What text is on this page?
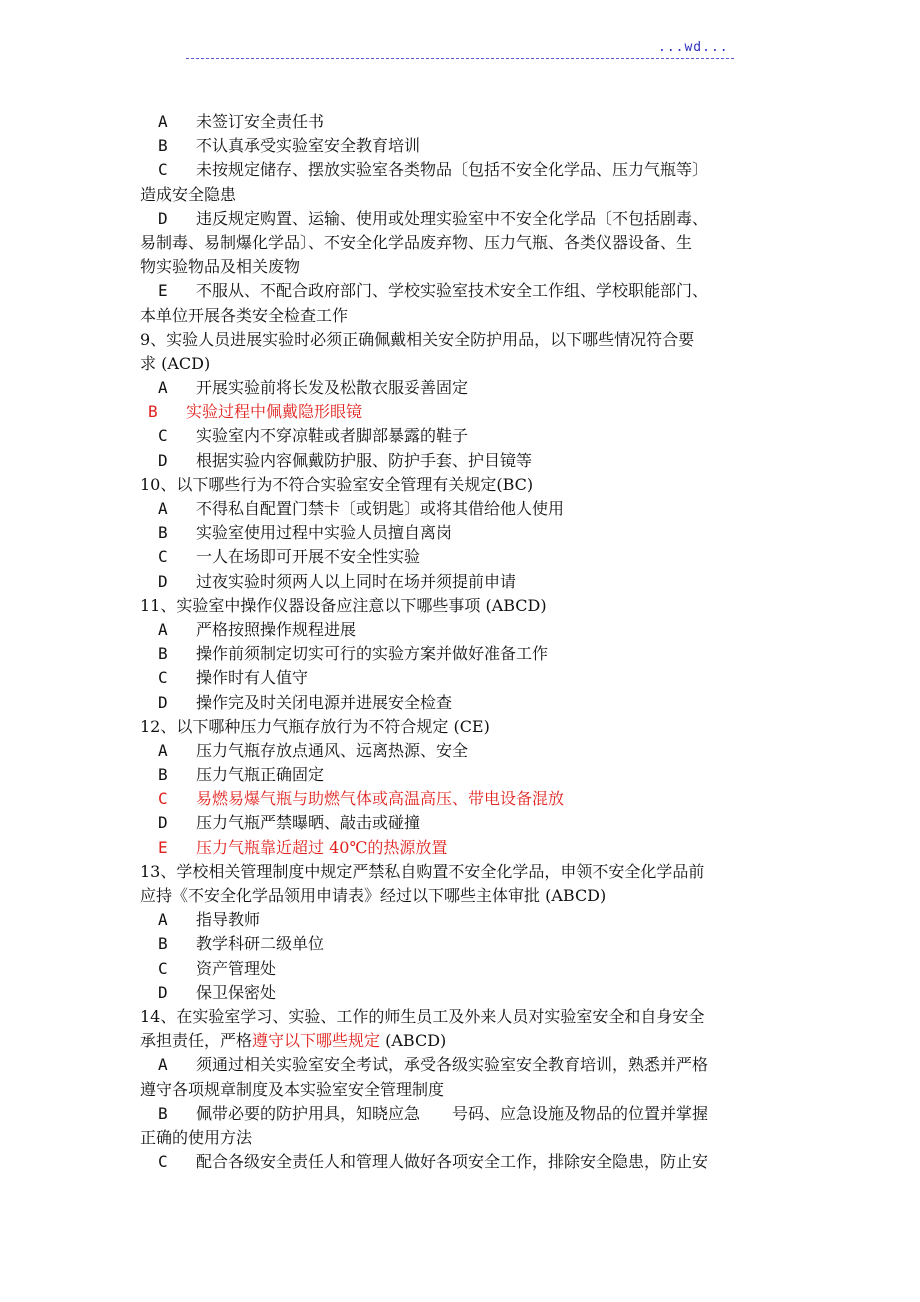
...wd...
A 未签订安全责任书
B 不认真承受实验室安全教育培训
C 未按规定储存、摆放实验室各类物品〔包括不安全化学品、压力气瓶等〕
造成安全隐患
D 违反规定购置、运输、使用或处理实验室中不安全化学品〔不包括剧毒、
易制毒、易制爆化学品〕、不安全化学品废弃物、压力气瓶、各类仪器设备、生
物实验物品及相关废物
E 不服从、不配合政府部门、学校实验室技术安全工作组、学校职能部门、
本单位开展各类安全检查工作
9、实验人员进展实验时必须正确佩戴相关安全防护用品，以下哪些情况符合要
求 (ACD)
A 开展实验前将长发及松散衣服妥善固定
B 实验过程中佩戴隐形眼镜
C 实验室内不穿凉鞋或者脚部暴露的鞋子
D 根据实验内容佩戴防护服、防护手套、护目镜等
10、以下哪些行为不符合实验室安全管理有关规定(BC)
A 不得私自配置门禁卡〔或钥匙〕或将其借给他人使用
B 实验室使用过程中实验人员擅自离岗
C 一人在场即可开展不安全性实验
D 过夜实验时须两人以上同时在场并须提前申请
11、实验室中操作仪器设备应注意以下哪些事项 (ABCD)
A 严格按照操作规程进展
B 操作前须制定切实可行的实验方案并做好准备工作
C 操作时有人值守
D 操作完及时关闭电源并进展安全检查
12、以下哪种压力气瓶存放行为不符合规定 (CE)
A 压力气瓶存放点通风、远离热源、安全
B 压力气瓶正确固定
C 易燃易爆气瓶与助燃气体或高温高压、带电设备混放
D 压力气瓶严禁曝晒、敲击或碰撞
E 压力气瓶靠近超过 40℃的热源放置
13、学校相关管理制度中规定严禁私自购置不安全化学品，申领不安全化学品前
应持《不安全化学品领用申请表》经过以下哪些主体审批 (ABCD)
A 指导教师
B 教学科研二级单位
C 资产管理处
D 保卫保密处
14、在实验室学习、实验、工作的师生员工及外来人员对实验室安全和自身安全
承担责任，严格遵守以下哪些规定 (ABCD)
A 须通过相关实验室安全考试，承受各级实验室安全教育培训，熟悉并严格
遵守各项规章制度及本实验室安全管理制度
B 佩带必要的防护用具，知晓应急　　号码、应急设施及物品的位置并掌握
正确的使用方法
C 配合各级安全责任人和管理人做好各项安全工作，排除安全隐患，防止安
